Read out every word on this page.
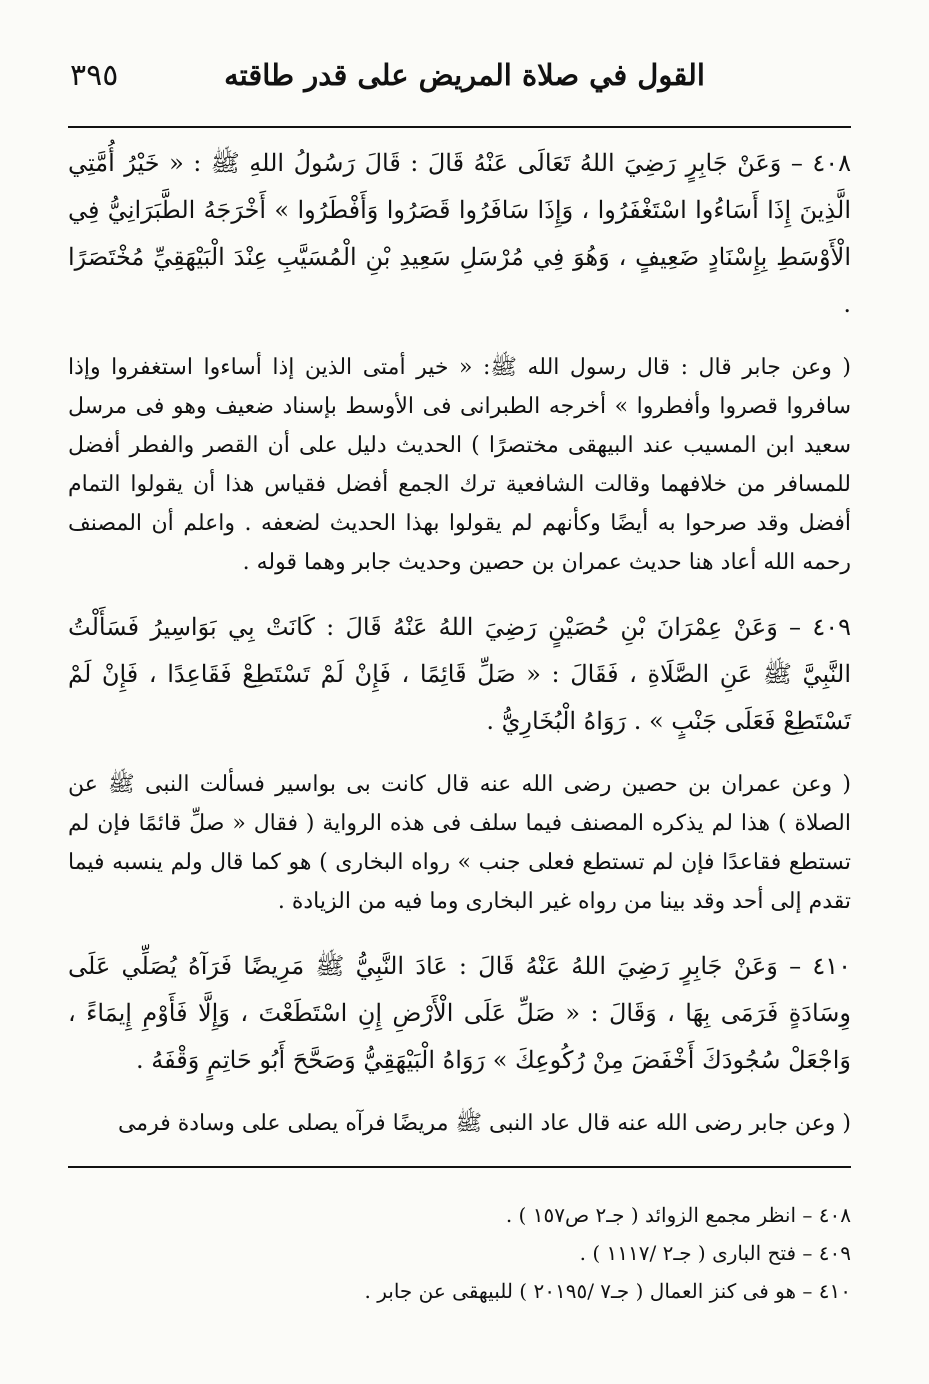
القول في صلاة المريض على قدر طاقته
٣٩٥

٤٠٨ – وَعَنْ جَابِرٍ رَضِيَ اللهُ تَعَالَى عَنْهُ قَالَ : قَالَ رَسُولُ اللهِ ﷺ : « خَيْرُ أُمَّتِي الَّذِينَ إِذَا أَسَاءُوا اسْتَغْفَرُوا ، وَإِذَا سَافَرُوا قَصَرُوا وَأَفْطَرُوا » أَخْرَجَهُ الطَّبَرَانِيُّ فِي الْأَوْسَطِ بِإِسْنَادٍ ضَعِيفٍ ، وَهُوَ فِي مُرْسَلِ سَعِيدِ بْنِ الْمُسَيَّبِ عِنْدَ الْبَيْهَقِيِّ مُخْتَصَرًا .

( وعن جابر قال : قال رسول الله ﷺ: « خير أمتى الذين إذا أساءوا استغفروا وإذا سافروا قصروا وأفطروا » أخرجه الطبرانى فى الأوسط بإسناد ضعيف وهو فى مرسل سعيد ابن المسيب عند البيهقى مختصرًا ) الحديث دليل على أن القصر والفطر أفضل للمسافر من خلافهما وقالت الشافعية ترك الجمع أفضل فقياس هذا أن يقولوا التمام أفضل وقد صرحوا به أيضًا وكأنهم لم يقولوا بهذا الحديث لضعفه . واعلم أن المصنف رحمه الله أعاد هنا حديث عمران بن حصين وحديث جابر وهما قوله .

٤٠٩ – وَعَنْ عِمْرَانَ بْنِ حُصَيْنٍ رَضِيَ اللهُ عَنْهُ قَالَ : كَانَتْ بِي بَوَاسِيرُ فَسَأَلْتُ النَّبِيَّ ﷺ عَنِ الصَّلَاةِ ، فَقَالَ : « صَلِّ قَائِمًا ، فَإِنْ لَمْ تَسْتَطِعْ فَقَاعِدًا ، فَإِنْ لَمْ تَسْتَطِعْ فَعَلَى جَنْبٍ » . رَوَاهُ الْبُخَارِيُّ .

( وعن عمران بن حصين رضى الله عنه قال كانت بى بواسير فسألت النبى ﷺ عن الصلاة ) هذا لم يذكره المصنف فيما سلف فى هذه الرواية ( فقال « صلِّ قائمًا فإن لم تستطع فقاعدًا فإن لم تستطع فعلى جنب » رواه البخارى ) هو كما قال ولم ينسبه فيما تقدم إلى أحد وقد بينا من رواه غير البخارى وما فيه من الزيادة .

٤١٠ – وَعَنْ جَابِرٍ رَضِيَ اللهُ عَنْهُ قَالَ : عَادَ النَّبِيُّ ﷺ مَرِيضًا فَرَآهُ يُصَلِّي عَلَى وِسَادَةٍ فَرَمَى بِهَا ، وَقَالَ : « صَلِّ عَلَى الْأَرْضِ إِنِ اسْتَطَعْتَ ، وَإِلَّا فَأَوْمِ إِيمَاءً ، وَاجْعَلْ سُجُودَكَ أَخْفَضَ مِنْ رُكُوعِكَ » رَوَاهُ الْبَيْهَقِيُّ وَصَحَّحَ أَبُو حَاتِمٍ وَقْفَهُ .

( وعن جابر رضى الله عنه قال عاد النبى ﷺ مريضًا فرآه يصلى على وسادة فرمى

٤٠٨ – انظر مجمع الزوائد ( جـ٢ ص١٥٧ ) .

٤٠٩ – فتح البارى ( جـ٢ /١١١٧ ) .

٤١٠ – هو فى كنز العمال ( جـ٧ /٢٠١٩٥ ) للبيهقى عن جابر .
